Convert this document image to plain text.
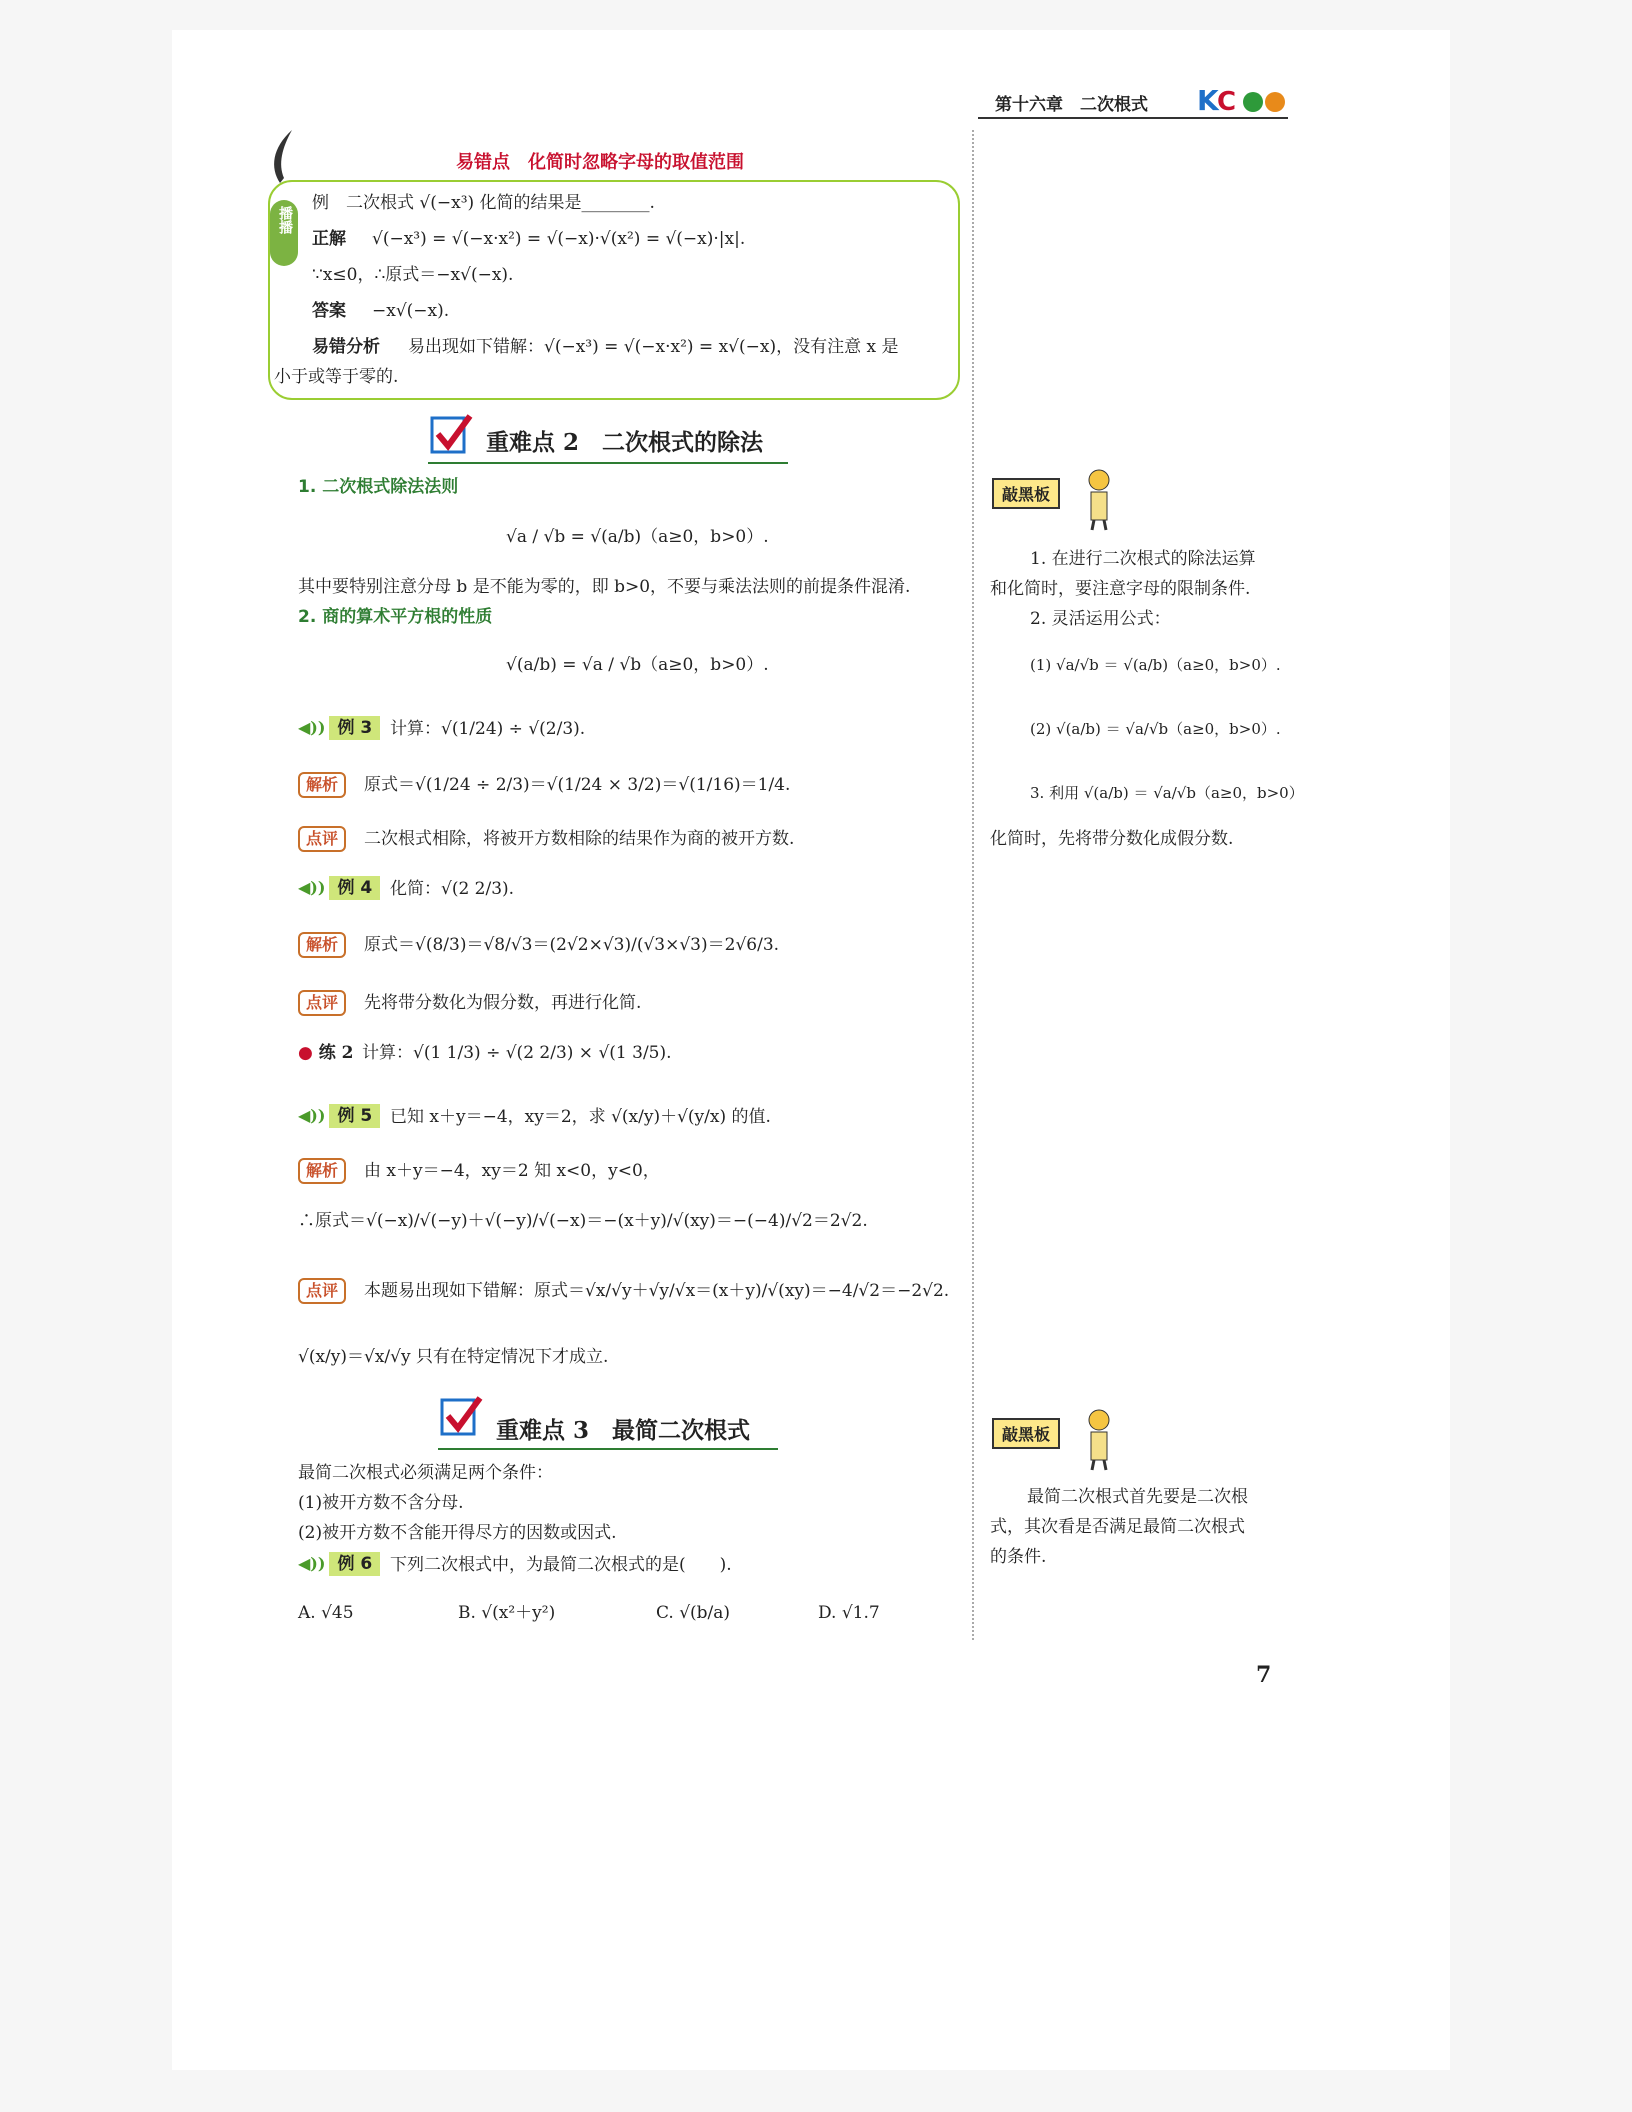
第十六章　二次根式 K
C
播播
易错点　化简时忽略字母的取值范围
例　二次根式 √(−x³) 化简的结果是________.
正解 √(−x³) = √(−x·x²) = √(−x)·√(x²) = √(−x)·|x|.
∵x≤0，∴原式＝−x√(−x).
答案 −x√(−x).
易错分析 易出现如下错解：√(−x³) = √(−x·x²) = x√(−x)，没有注意 x 是
小于或等于零的.
重难点 2　二次根式的除法
1. 二次根式除法法则
√a / √b = √(a/b)（a≥0，b>0）.
其中要特别注意分母 b 是不能为零的，即 b>0，不要与乘法法则的前提条件混淆.
2. 商的算术平方根的性质
√(a/b) = √a / √b（a≥0，b>0）.
◀)) 例 3	计算：√(1/24) ÷ √(2/3).
解析	原式＝√(1/24 ÷ 2/3)＝√(1/24 × 3/2)＝√(1/16)＝1/4.
点评	二次根式相除，将被开方数相除的结果作为商的被开方数.
◀)) 例 4	化简：√(2 2/3).
解析	原式＝√(8/3)＝√8/√3＝(2√2×√3)/(√3×√3)＝2√6/3.
点评	先将带分数化为假分数，再进行化简.
● 练 2 计算：√(1 1/3) ÷ √(2 2/3) × √(1 3/5).
◀)) 例 5	已知 x＋y＝−4，xy＝2，求 √(x/y)＋√(y/x) 的值.
解析	由 x＋y＝−4，xy＝2 知 x<0，y<0，
∴原式＝√(−x)/√(−y)＋√(−y)/√(−x)＝−(x＋y)/√(xy)＝−(−4)/√2＝2√2.
点评	本题易出现如下错解：原式＝√x/√y＋√y/√x＝(x＋y)/√(xy)＝−4/√2＝−2√2.
√(x/y)＝√x/√y 只有在特定情况下才成立.
重难点 3　最简二次根式
最简二次根式必须满足两个条件：
(1)被开方数不含分母.
(2)被开方数不含能开得尽方的因数或因式.
◀)) 例 6	下列二次根式中，为最简二次根式的是(　　).
A. √45	B. √(x²＋y²)	C. √(b/a)	D. √1.7
敲黑板
1. 在进行二次根式的除法运算
和化简时，要注意字母的限制条件.
2. 灵活运用公式：
(1) √a/√b ＝ √(a/b)（a≥0，b>0）.
(2) √(a/b) ＝ √a/√b（a≥0，b>0）.
3. 利用 √(a/b) ＝ √a/√b（a≥0，b>0）
化简时，先将带分数化成假分数.
敲黑板
　最简二次根式首先要是二次根
式，其次看是否满足最简二次根式
的条件.
7
